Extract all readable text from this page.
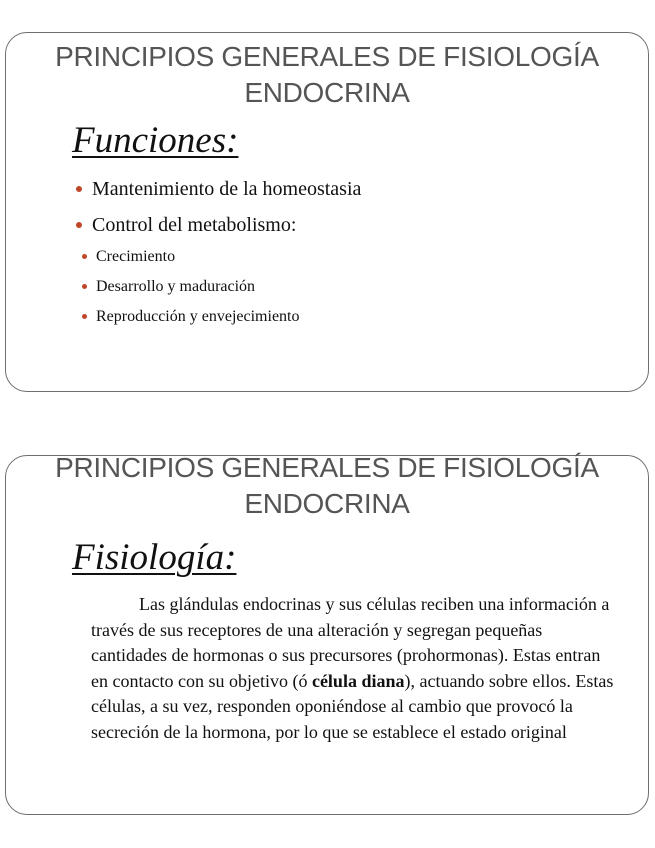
PRINCIPIOS GENERALES DE FISIOLOGÍA
ENDOCRINA
Funciones:
Mantenimiento de la homeostasia
Control del metabolismo:
Crecimiento
Desarrollo y maduración
Reproducción y envejecimiento
PRINCIPIOS GENERALES DE FISIOLOGÍA
ENDOCRINA
Fisiología:

Las glándulas endocrinas y sus células reciben una información a través de sus receptores de una alteración y segregan pequeñas cantidades de hormonas o sus precursores (prohormonas). Estas entran en contacto con su objetivo (ó célula diana), actuando sobre ellos. Estas células, a su vez, responden oponiéndose al cambio que provocó la secreción de la hormona, por lo que se establece el estado original
